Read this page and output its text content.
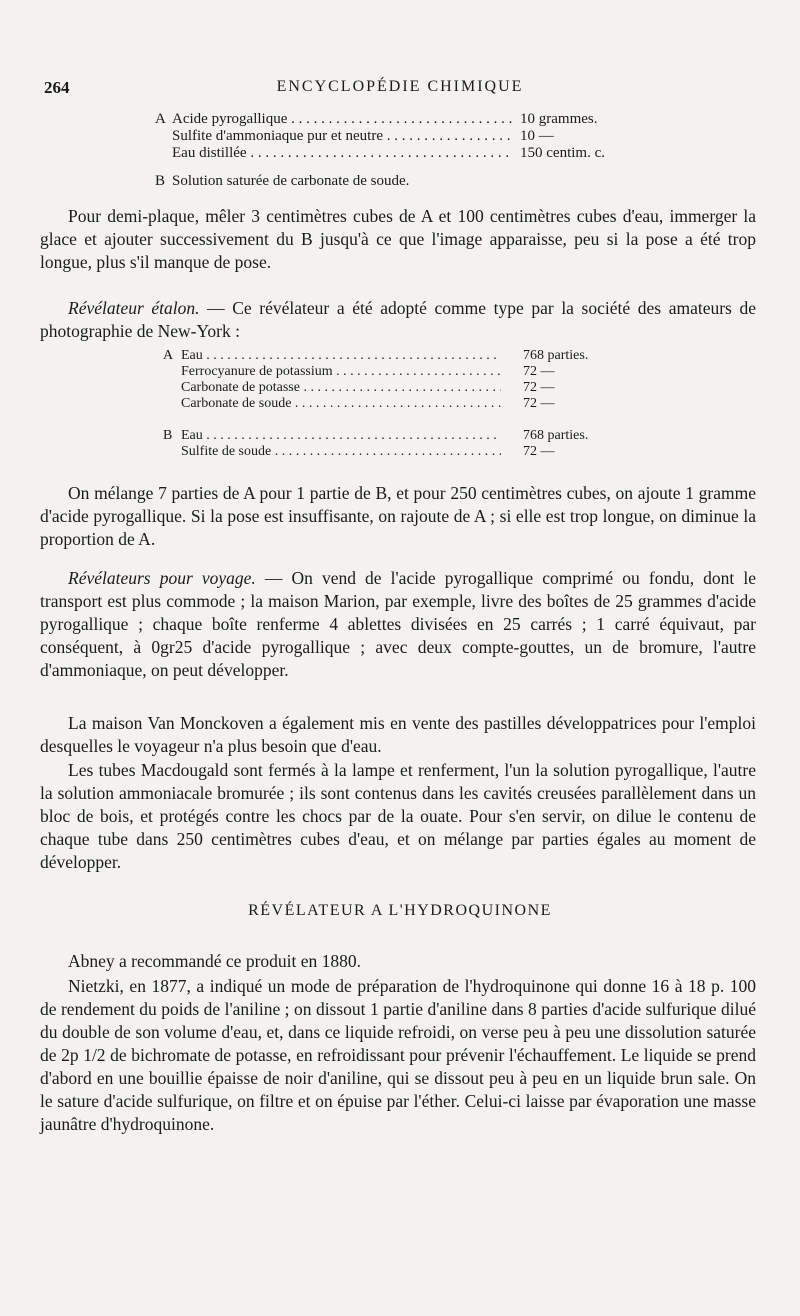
264	ENCYCLOPÉDIE CHIMIQUE
A Acide pyrogallique . . .	10 grammes.
Sulfite d'ammoniaque pur et neutre . . .	10 —
Eau distillée . . .	150 centim. c.
B Solution saturée de carbonate de soude.

Pour demi-plaque, mêler 3 centimètres cubes de A et 100 centimètres cubes d'eau, immerger la glace et ajouter successivement du B jusqu'à ce que l'image apparaisse, peu si la pose a été trop longue, plus s'il manque de pose.

Révélateur étalon. — Ce révélateur a été adopté comme type par la société des amateurs de photographie de New-York :

A Eau . . .	768 parties.
Ferrocyanure de potassium . . .	72 —
Carbonate de potasse . . .	72 —
Carbonate de soude . . .	72 —
B Eau . . .	768 parties.
Sulfite de soude . . .	72 —

On mélange 7 parties de A pour 1 partie de B, et pour 250 centimètres cubes, on ajoute 1 gramme d'acide pyrogallique. Si la pose est insuffisante, on rajoute de A ; si elle est trop longue, on diminue la proportion de A.

Révélateurs pour voyage. — On vend de l'acide pyrogallique comprimé ou fondu, dont le transport est plus commode ; la maison Marion, par exemple, livre des boîtes de 25 grammes d'acide pyrogallique ; chaque boîte renferme 4 ablettes divisées en 25 carrés ; 1 carré équivaut, par conséquent, à 0gr25 d'acide pyrogallique ; avec deux compte-gouttes, un de bromure, l'autre d'ammoniaque, on peut développer.

La maison Van Monckoven a également mis en vente des pastilles développatrices pour l'emploi desquelles le voyageur n'a plus besoin que d'eau.

Les tubes Macdougald sont fermés à la lampe et renferment, l'un la solution pyrogallique, l'autre la solution ammoniacale bromurée ; ils sont contenus dans les cavités creusées parallèlement dans un bloc de bois, et protégés contre les chocs par de la ouate. Pour s'en servir, on dilue le contenu de chaque tube dans 250 centimètres cubes d'eau, et on mélange par parties égales au moment de développer.

RÉVÉLATEUR A L'HYDROQUINONE

Abney a recommandé ce produit en 1880.

Nietzki, en 1877, a indiqué un mode de préparation de l'hydroquinone qui donne 16 à 18 p. 100 de rendement du poids de l'aniline ; on dissout 1 partie d'aniline dans 8 parties d'acide sulfurique dilué du double de son volume d'eau, et, dans ce liquide refroidi, on verse peu à peu une dissolution saturée de 2p 1/2 de bichromate de potasse, en refroidissant pour prévenir l'échauffement. Le liquide se prend d'abord en une bouillie épaisse de noir d'aniline, qui se dissout peu à peu en un liquide brun sale. On le sature d'acide sulfurique, on filtre et on épuise par l'éther. Celui-ci laisse par évaporation une masse jaunâtre d'hydroquinone.
